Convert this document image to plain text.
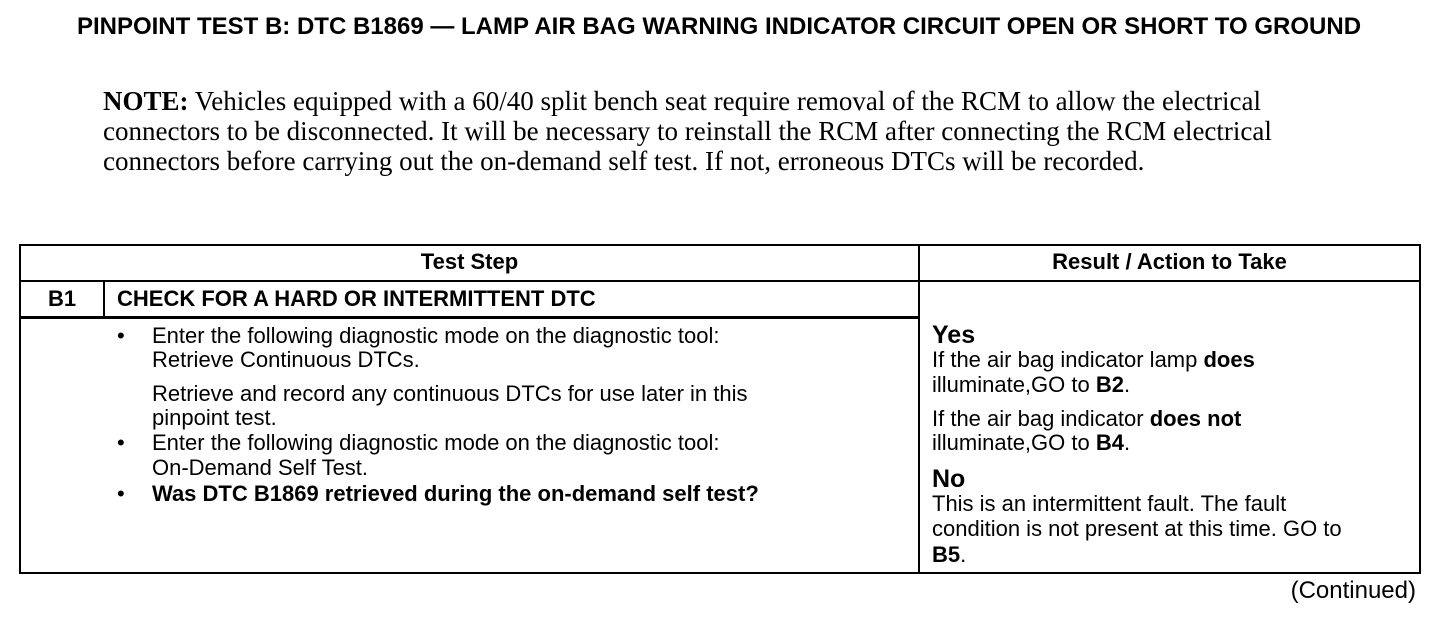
PINPOINT TEST B: DTC B1869 — LAMP AIR BAG WARNING INDICATOR CIRCUIT OPEN OR SHORT TO GROUND
NOTE: Vehicles equipped with a 60/40 split bench seat require removal of the RCM to allow the electrical connectors to be disconnected. It will be necessary to reinstall the RCM after connecting the RCM electrical connectors before carrying out the on-demand self test. If not, erroneous DTCs will be recorded.
Test Step	Result / Action to Take
B1	CHECK FOR A HARD OR INTERMITTENT DTC
• Enter the following diagnostic mode on the diagnostic tool:
Retrieve Continuous DTCs.
Retrieve and record any continuous DTCs for use later in this
pinpoint test.
• Enter the following diagnostic mode on the diagnostic tool:
On-Demand Self Test.
• Was DTC B1869 retrieved during the on-demand self test?
Yes
If the air bag indicator lamp does
illuminate,GO to B2.
If the air bag indicator does not
illuminate,GO to B4.
No
This is an intermittent fault. The fault
condition is not present at this time. GO to
B5.
(Continued)
